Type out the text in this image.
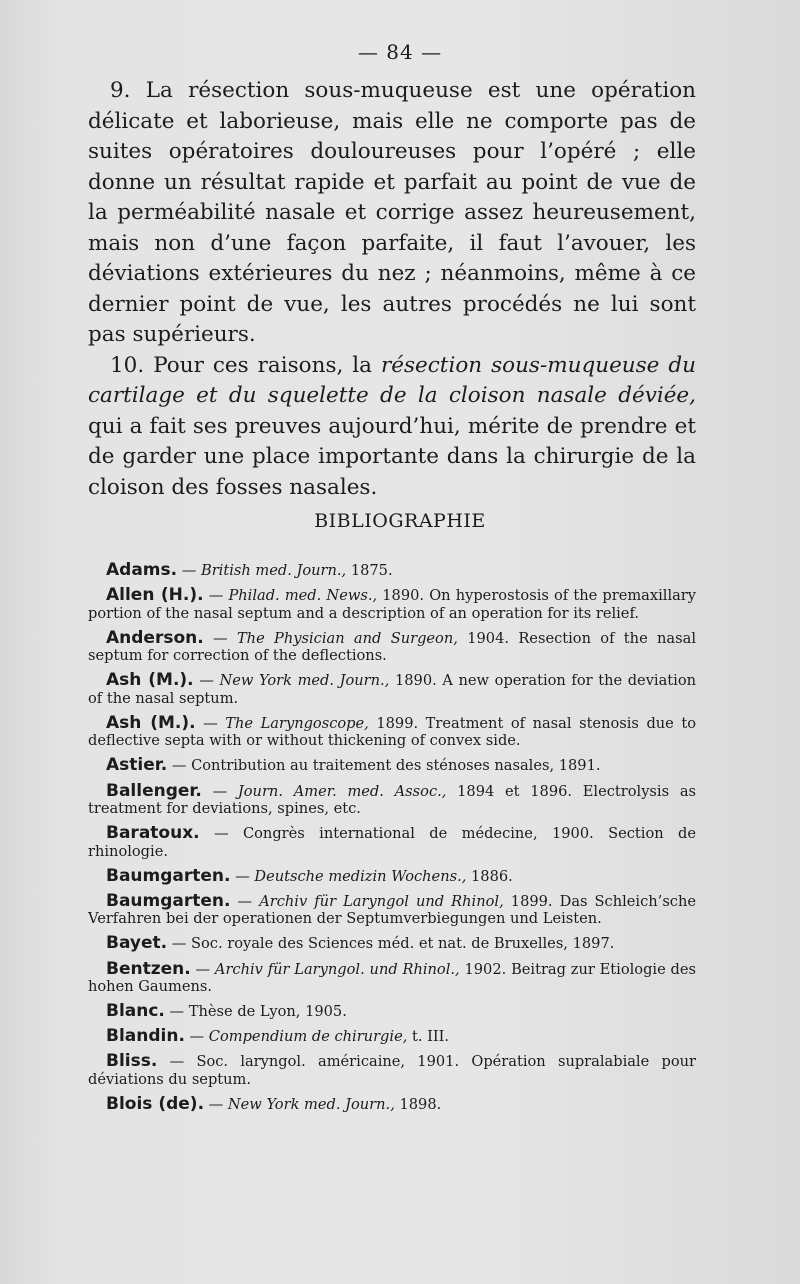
— 84 —

9. La résection sous-muqueuse est une opération délicate et laborieuse, mais elle ne comporte pas de suites opératoires douloureuses pour l’opéré ; elle donne un résultat rapide et parfait au point de vue de la perméabilité nasale et corrige assez heureusement, mais non d’une façon parfaite, il faut l’avouer, les déviations extérieures du nez ; néanmoins, même à ce dernier point de vue, les autres procédés ne lui sont pas supérieurs.

10. Pour ces raisons, la résection sous-muqueuse du cartilage et du squelette de la cloison nasale déviée, qui a fait ses preuves aujourd’hui, mérite de prendre et de garder une place importante dans la chirurgie de la cloison des fosses nasales.

BIBLIOGRAPHIE

Adams. — British med. Journ., 1875.

Allen (H.). — Philad. med. News., 1890. On hyperostosis of the premaxillary portion of the nasal septum and a description of an operation for its relief.

Anderson. — The Physician and Surgeon, 1904. Resection of the nasal septum for correction of the deflections.

Ash (M.). — New York med. Journ., 1890. A new operation for the deviation of the nasal septum.

Ash (M.). — The Laryngoscope, 1899. Treatment of nasal stenosis due to deflective septa with or without thickening of convex side.

Astier. — Contribution au traitement des sténoses nasales, 1891.

Ballenger. — Journ. Amer. med. Assoc., 1894 et 1896. Electrolysis as treatment for deviations, spines, etc.

Baratoux. — Congrès international de médecine, 1900. Section de rhinologie.

Baumgarten. — Deutsche medizin Wochens., 1886.

Baumgarten. — Archiv für Laryngol und Rhinol, 1899. Das Schleich’sche Verfahren bei der operationen der Septumverbiegungen und Leisten.

Bayet. — Soc. royale des Sciences méd. et nat. de Bruxelles, 1897.

Bentzen. — Archiv für Laryngol. und Rhinol., 1902. Beitrag zur Etiologie des hohen Gaumens.

Blanc. — Thèse de Lyon, 1905.

Blandin. — Compendium de chirurgie, t. III.

Bliss. — Soc. laryngol. américaine, 1901. Opération supralabiale pour déviations du septum.

Blois (de). — New York med. Journ., 1898.
